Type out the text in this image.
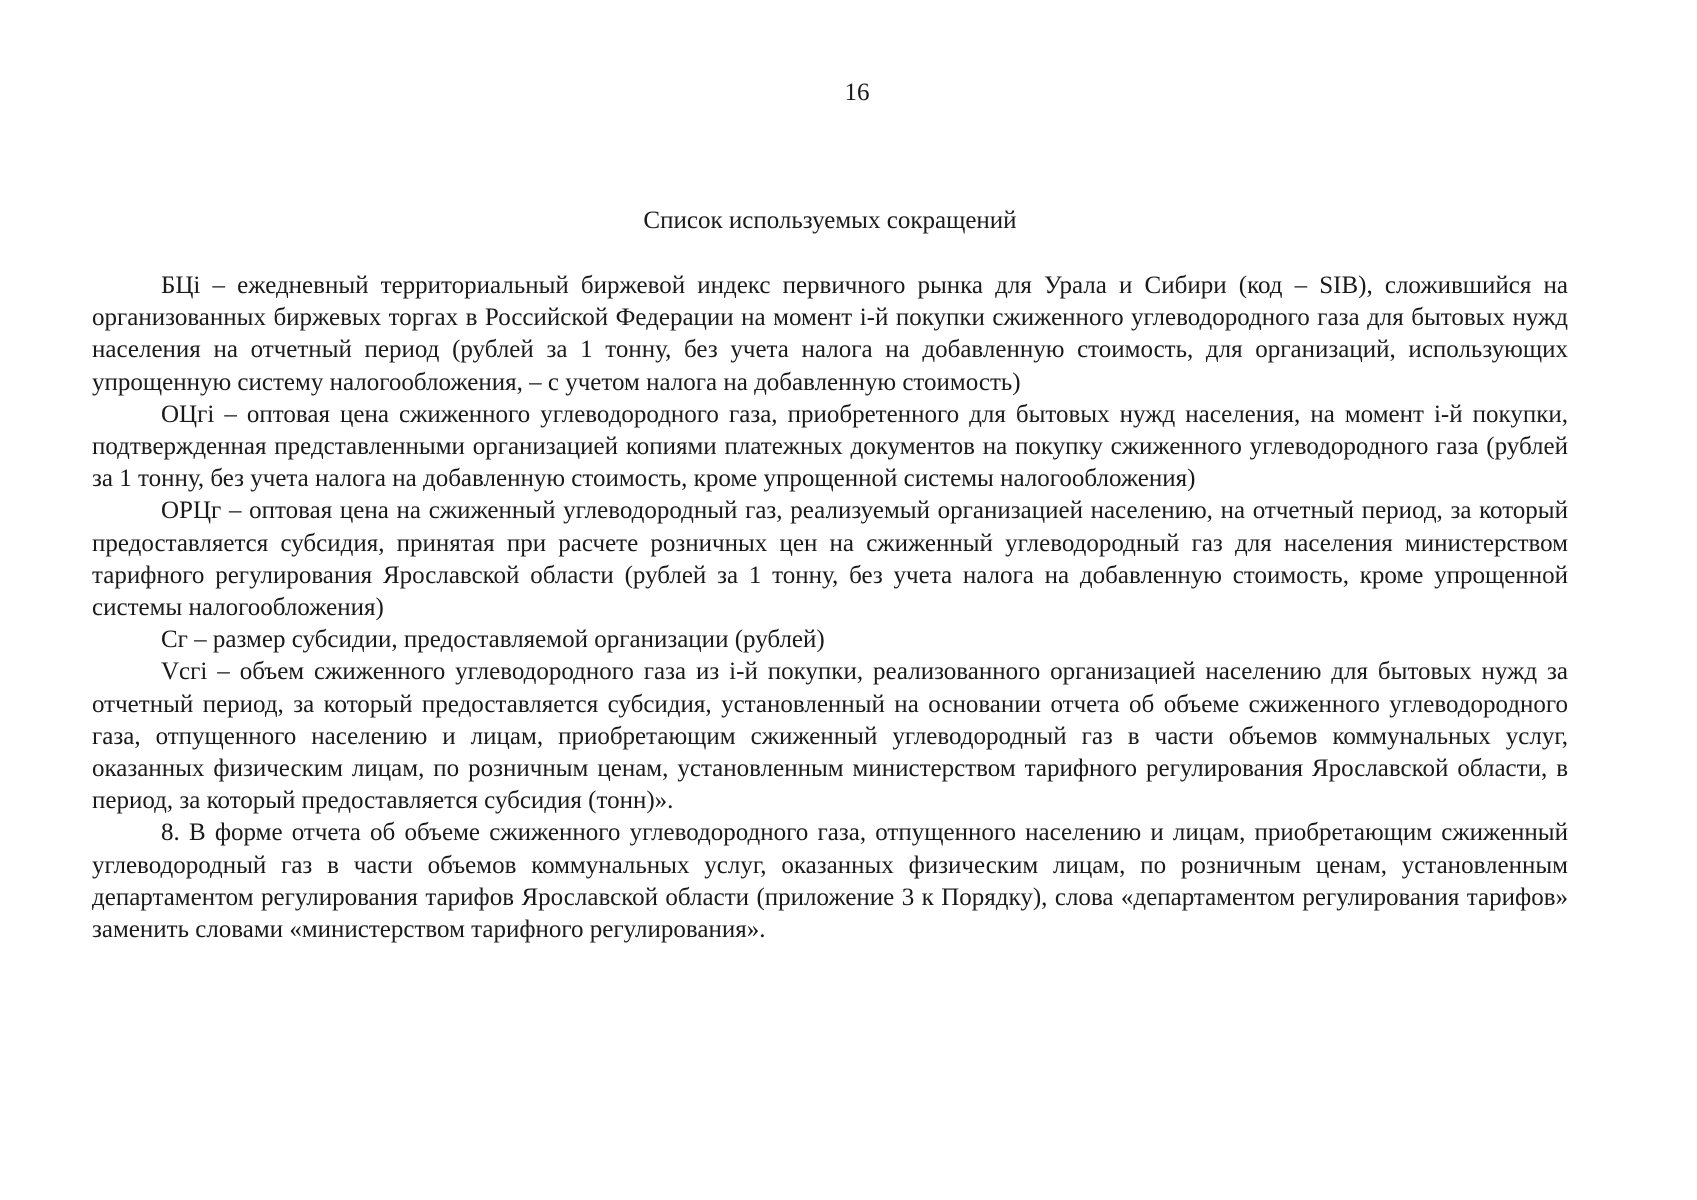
16
Список используемых сокращений

БЦi – ежедневный территориальный биржевой индекс первичного рынка для Урала и Сибири (код – SIB), сложившийся на организованных биржевых торгах в Российской Федерации на момент i-й покупки сжиженного углеводородного газа для бытовых нужд населения на отчетный период (рублей за 1 тонну, без учета налога на добавленную стоимость, для организаций, использующих упрощенную систему налогообложения, – с учетом налога на добавленную стоимость)

ОЦгi – оптовая цена сжиженного углеводородного газа, приобретенного для бытовых нужд населения, на момент i-й покупки, подтвержденная представленными организацией копиями платежных документов на покупку сжиженного углеводородного газа (рублей за 1 тонну, без учета налога на добавленную стоимость, кроме упрощенной системы налогообложения)

ОРЦг – оптовая цена на сжиженный углеводородный газ, реализуемый организацией населению, на отчетный период, за который предоставляется субсидия, принятая при расчете розничных цен на сжиженный углеводородный газ для населения министерством тарифного регулирования Ярославской области (рублей за 1 тонну, без учета налога на добавленную стоимость, кроме упрощенной системы налогообложения)

Сг – размер субсидии, предоставляемой организации (рублей)

Vсгi – объем сжиженного углеводородного газа из i-й покупки, реализованного организацией населению для бытовых нужд за отчетный период, за который предоставляется субсидия, установленный на основании отчета об объеме сжиженного углеводородного газа, отпущенного населению и лицам, приобретающим сжиженный углеводородный газ в части объемов коммунальных услуг, оказанных физическим лицам, по розничным ценам, установленным министерством тарифного регулирования Ярославской области, в период, за который предоставляется субсидия (тонн)».

8. В форме отчета об объеме сжиженного углеводородного газа, отпущенного населению и лицам, приобретающим сжиженный углеводородный газ в части объемов коммунальных услуг, оказанных физическим лицам, по розничным ценам, установленным департаментом регулирования тарифов Ярославской области (приложение 3 к Порядку), слова «департаментом регулирования тарифов» заменить словами «министерством тарифного регулирования».
